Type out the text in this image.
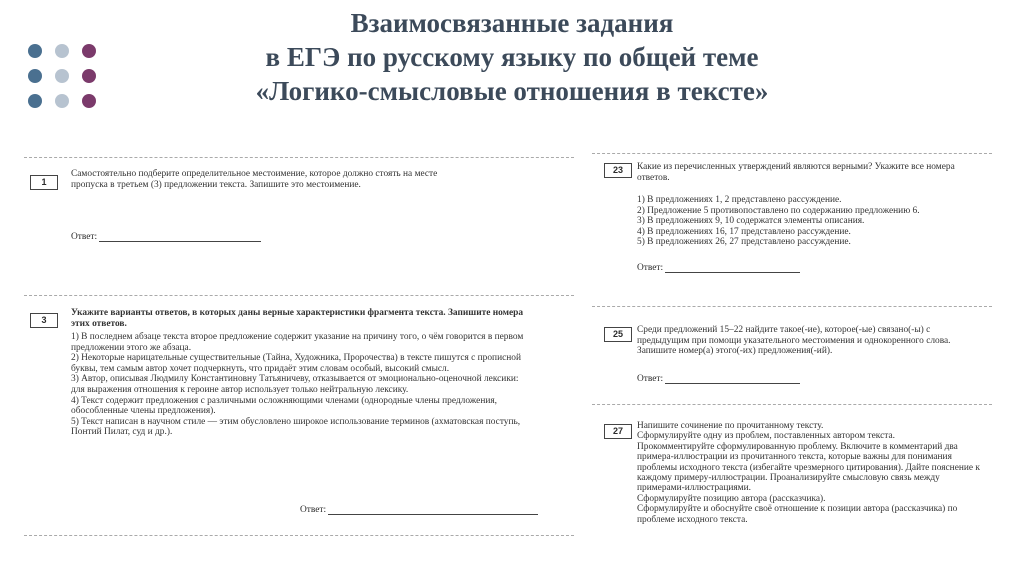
Взаимосвязанные задания
в ЕГЭ по русскому языку по общей теме
«Логико-смысловые отношения в тексте»
1
Самостоятельно подберите определительное местоимение, которое должно стоять на месте пропуска в третьем (3) предложении текста. Запишите это местоимение.
Ответ:
3
Укажите варианты ответов, в которых даны верные характеристики фрагмента текста. Запишите номера этих ответов.
1) В последнем абзаце текста второе предложение содержит указание на причину того, о чём говорится в первом предложении этого же абзаца.
2) Некоторые нарицательные существительные (Тайна, Художника, Пророчества) в тексте пишутся с прописной буквы, тем самым автор хочет подчеркнуть, что придаёт этим словам особый, высокий смысл.
3) Автор, описывая Людмилу Константиновну Татьяничеву, отказывается от эмоционально-оценочной лексики: для выражения отношения к героине автор использует только нейтральную лексику.
4) Текст содержит предложения с различными осложняющими членами (однородные члены предложения, обособленные члены предложения).
5) Текст написан в научном стиле — этим обусловлено широкое использование терминов (ахматовская поступь, Понтий Пилат, суд и др.).
Ответ:
23	Какие из перечисленных утверждений являются верными? Укажите все номера ответов.
1) В предложениях 1, 2 представлено рассуждение.
2) Предложение 5 противопоставлено по содержанию предложению 6.
3) В предложениях 9, 10 содержатся элементы описания.
4) В предложениях 16, 17 представлено рассуждение.
5) В предложениях 26, 27 представлено рассуждение.
Ответ:
25	Среди предложений 15–22 найдите такое(-ие), которое(-ые) связано(-ы) с предыдущим при помощи указательного местоимения и однокоренного слова. Запишите номер(а) этого(-их) предложения(-ий).
Ответ:
27	Напишите сочинение по прочитанному тексту.

Сформулируйте одну из проблем, поставленных автором текста.

Прокомментируйте сформулированную проблему. Включите в комментарий два примера-иллюстрации из прочитанного текста, которые важны для понимания проблемы исходного текста (избегайте чрезмерного цитирования). Дайте пояснение к каждому примеру-иллюстрации. Проанализируйте смысловую связь между примерами-иллюстрациями.

Сформулируйте позицию автора (рассказчика).

Сформулируйте и обоснуйте своё отношение к позиции автора (рассказчика) по проблеме исходного текста.
